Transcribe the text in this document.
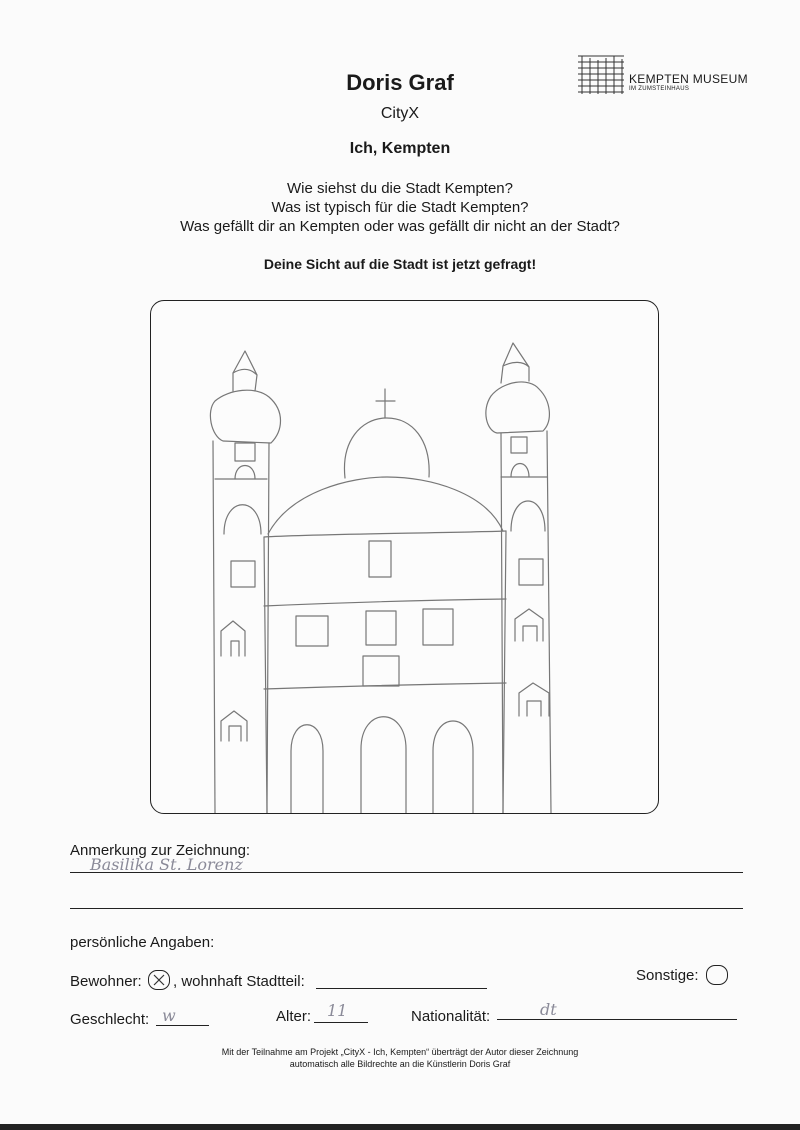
Doris Graf
CityX
Ich, Kempten
KEMPTEN MUSEUM
IM ZUMSTEINHAUS
Wie siehst du die Stadt Kempten?
Was ist typisch für die Stadt Kempten?
Was gefällt dir an Kempten oder was gefällt dir nicht an der Stadt?
Deine Sicht auf die Stadt ist jetzt gefragt!
Anmerkung zur Zeichnung:
Basilika St. Lorenz
persönliche Angaben:
Bewohner: , wohnhaft Stadtteil:	Sonstige:
Geschlecht: w	Alter: 11	Nationalität:	dt
Mit der Teilnahme am Projekt „CityX - Ich, Kempten“ überträgt der Autor dieser Zeichnung
automatisch alle Bildrechte an die Künstlerin Doris Graf
